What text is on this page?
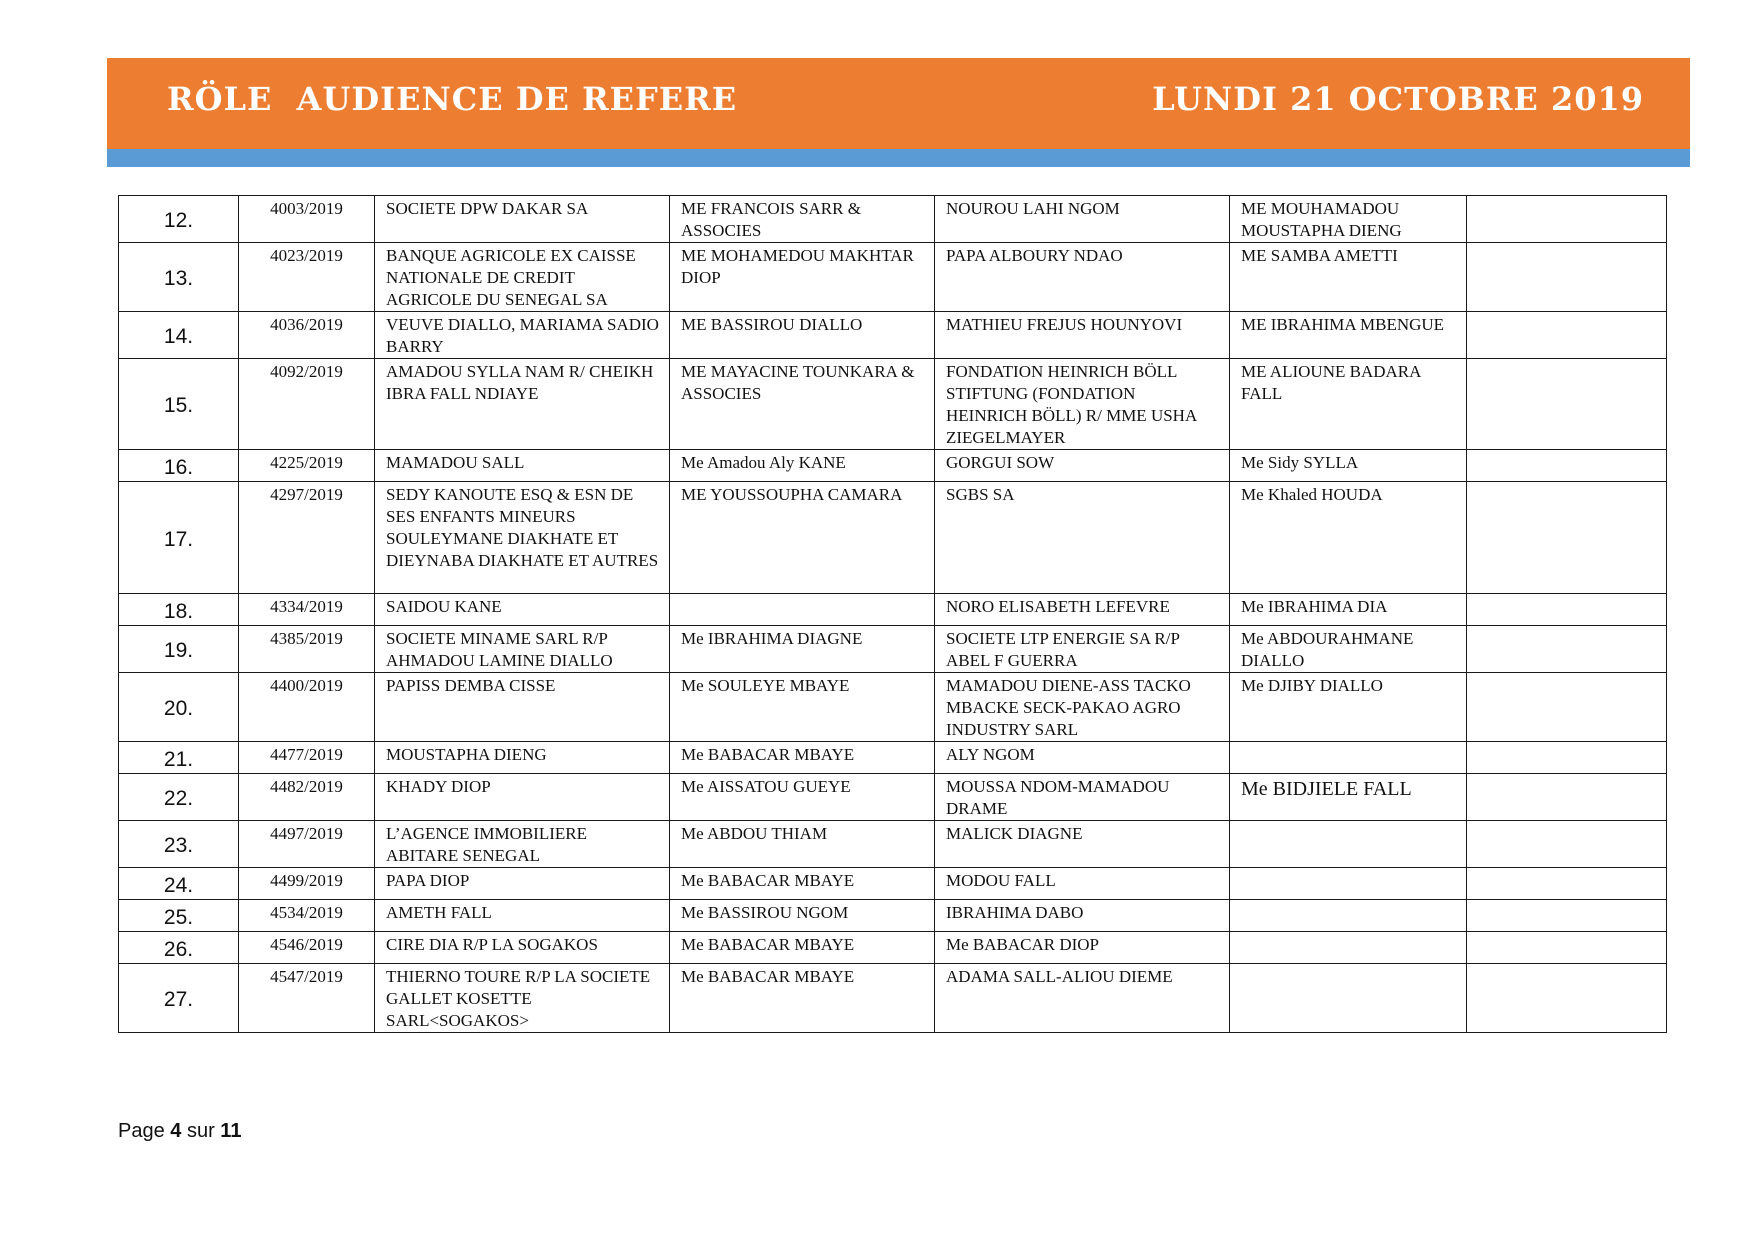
RÖLE  AUDIENCE DE REFERE	LUNDI 21 OCTOBRE 2019
12.	4003/2019	SOCIETE DPW DAKAR SA	ME FRANCOIS SARR & ASSOCIES	NOUROU LAHI NGOM	ME MOUHAMADOU MOUSTAPHA DIENG	
13.	4023/2019	BANQUE AGRICOLE EX CAISSE NATIONALE DE CREDIT AGRICOLE DU SENEGAL SA	ME MOHAMEDOU MAKHTAR DIOP	PAPA ALBOURY NDAO	ME SAMBA AMETTI	
14.	4036/2019	VEUVE DIALLO, MARIAMA SADIO BARRY	ME BASSIROU DIALLO	MATHIEU FREJUS HOUNYOVI	ME IBRAHIMA MBENGUE	
15.	4092/2019	AMADOU SYLLA NAM R/ CHEIKH IBRA FALL NDIAYE	ME MAYACINE TOUNKARA & ASSOCIES	FONDATION HEINRICH BÖLL STIFTUNG (FONDATION HEINRICH BÖLL) R/ MME USHA ZIEGELMAYER	ME ALIOUNE BADARA FALL	
16.	4225/2019	MAMADOU SALL	Me Amadou Aly KANE	GORGUI SOW	Me Sidy SYLLA	
17.	4297/2019	SEDY KANOUTE ESQ & ESN DE SES ENFANTS MINEURS SOULEYMANE DIAKHATE ET DIEYNABA DIAKHATE ET AUTRES	ME YOUSSOUPHA CAMARA	SGBS SA	Me Khaled HOUDA	
18.	4334/2019	SAIDOU KANE		NORO ELISABETH LEFEVRE	Me IBRAHIMA DIA	
19.	4385/2019	SOCIETE MINAME SARL R/P AHMADOU LAMINE DIALLO	Me IBRAHIMA DIAGNE	SOCIETE LTP ENERGIE SA R/P ABEL F GUERRA	Me ABDOURAHMANE DIALLO	
20.	4400/2019	PAPISS DEMBA CISSE	Me SOULEYE MBAYE	MAMADOU DIENE-ASS TACKO MBACKE SECK-PAKAO AGRO INDUSTRY SARL	Me DJIBY DIALLO	
21.	4477/2019	MOUSTAPHA DIENG	Me BABACAR MBAYE	ALY NGOM		
22.	4482/2019	KHADY DIOP	Me AISSATOU GUEYE	MOUSSA NDOM-MAMADOU DRAME	Me BIDJIELE FALL	
23.	4497/2019	L’AGENCE IMMOBILIERE ABITARE SENEGAL	Me ABDOU THIAM	MALICK DIAGNE		
24.	4499/2019	PAPA DIOP	Me BABACAR MBAYE	MODOU FALL		
25.	4534/2019	AMETH FALL	Me BASSIROU NGOM	IBRAHIMA DABO		
26.	4546/2019	CIRE DIA R/P LA SOGAKOS	Me BABACAR MBAYE	Me BABACAR DIOP		
27.	4547/2019	THIERNO TOURE R/P LA SOCIETE GALLET KOSETTE SARL<SOGAKOS>	Me BABACAR MBAYE	ADAMA SALL-ALIOU DIEME		
Page 4 sur 11
